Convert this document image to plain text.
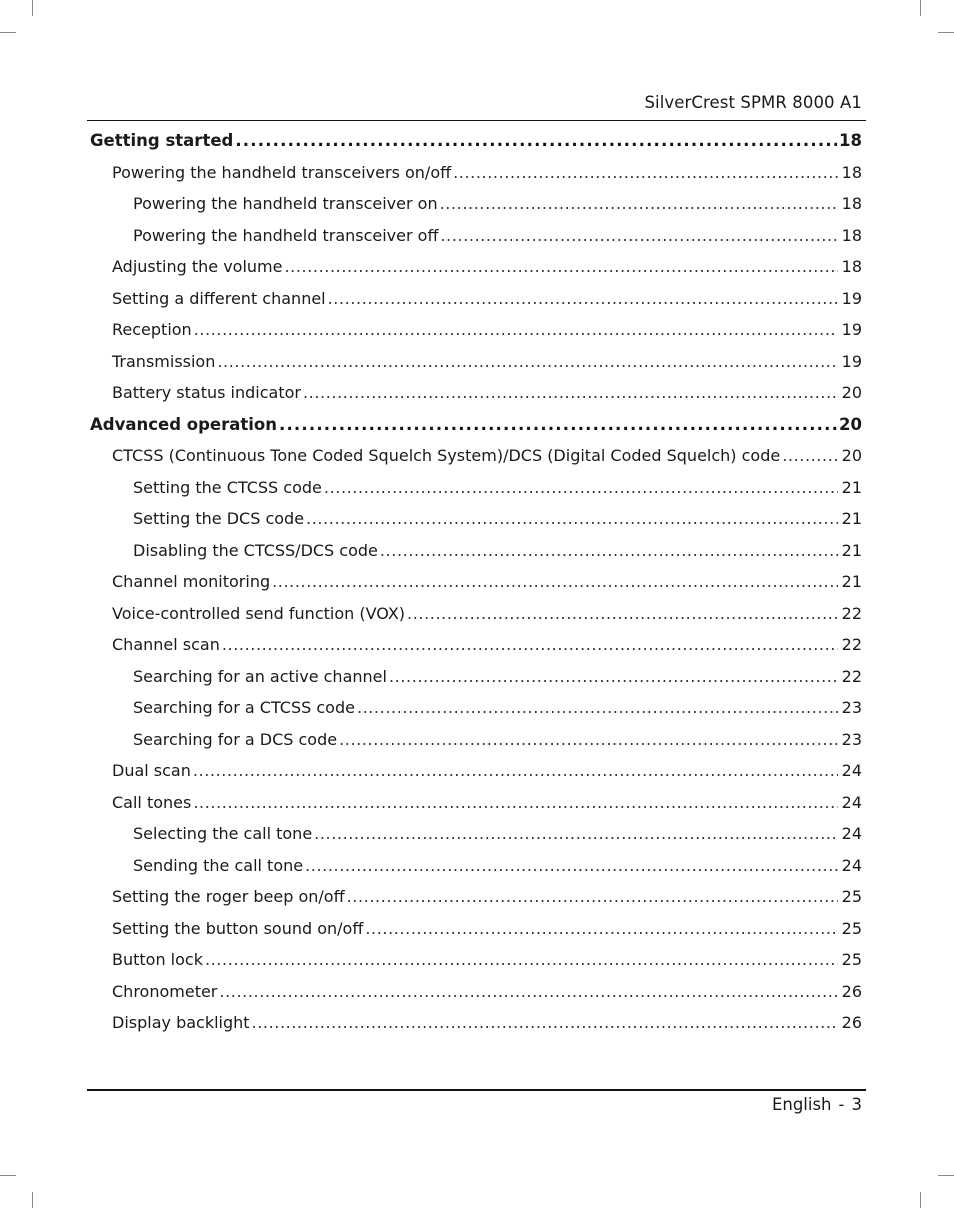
SilverCrest SPMR 8000 A1
Getting started .....	18
Powering the handheld transceivers on/off .....	18
Powering the handheld transceiver on .....	18
Powering the handheld transceiver off .....	18
Adjusting the volume .....	18
Setting a different channel .....	19
Reception .....	19
Transmission .....	19
Battery status indicator .....	20
Advanced operation .....	20
CTCSS (Continuous Tone Coded Squelch System)/DCS (Digital Coded Squelch) code .....	20
Setting the CTCSS code .....	21
Setting the DCS code .....	21
Disabling the CTCSS/DCS code .....	21
Channel monitoring .....	21
Voice-controlled send function (VOX) .....	22
Channel scan .....	22
Searching for an active channel .....	22
Searching for a CTCSS code .....	23
Searching for a DCS code .....	23
Dual scan .....	24
Call tones .....	24
Selecting the call tone .....	24
Sending the call tone .....	24
Setting the roger beep on/off .....	25
Setting the button sound on/off .....	25
Button lock .....	25
Chronometer .....	26
Display backlight .....	26
English - 3
